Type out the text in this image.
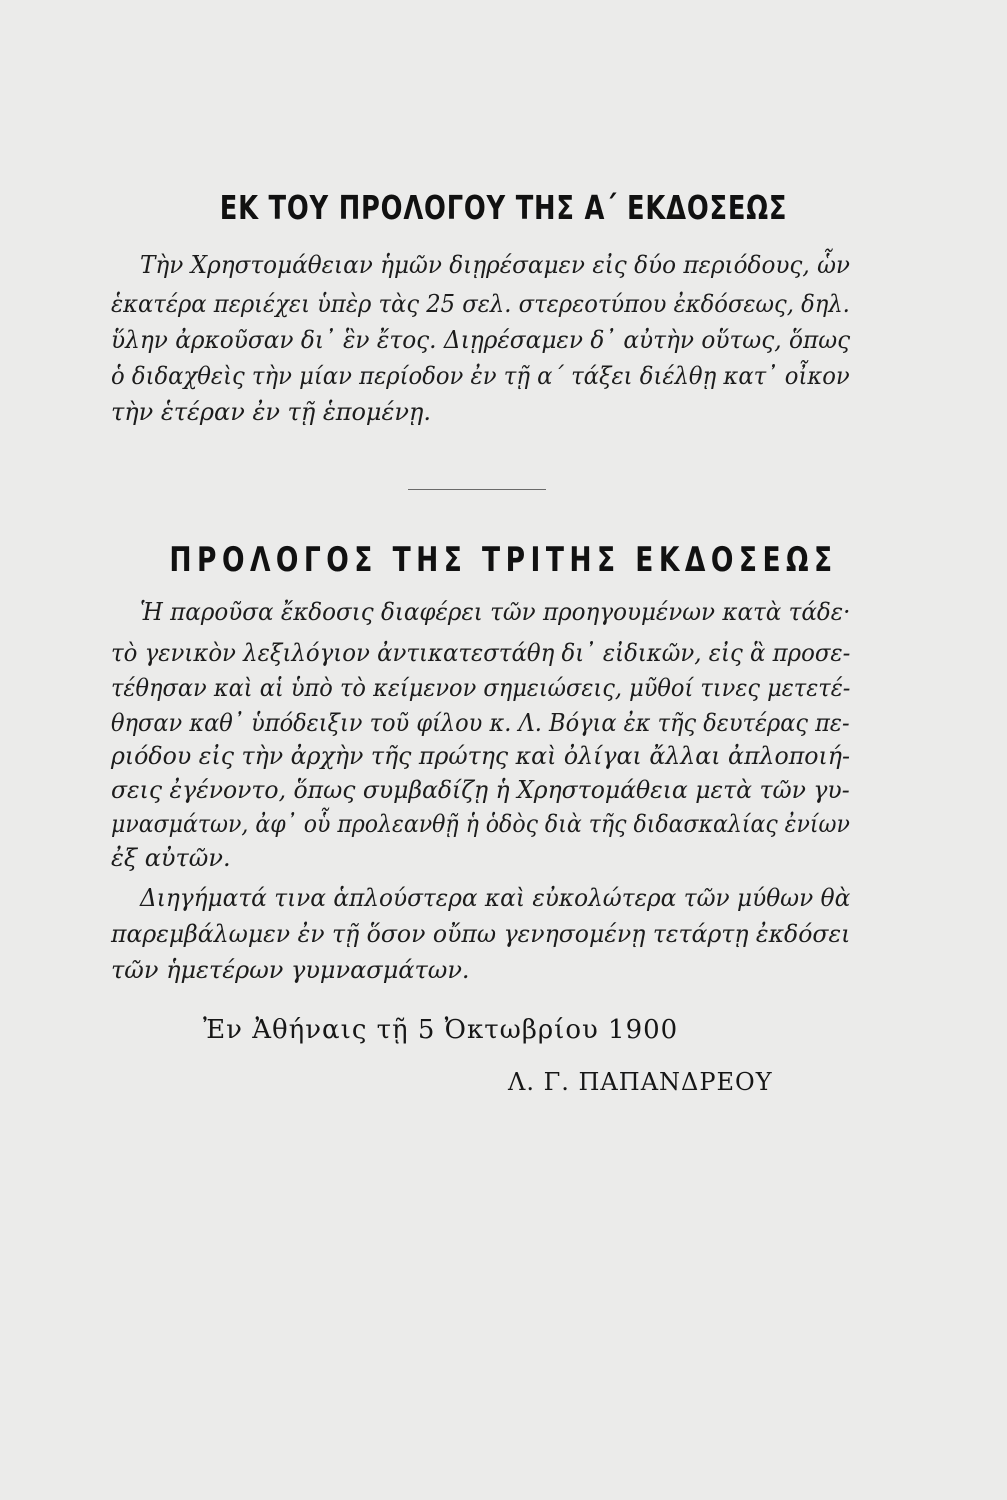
ΕΚ ΤΟΥ ΠΡΟΛΟΓΟΥ ΤΗΣ Α΄ ΕΚΔΟΣΕΩΣ
Τὴν Χρηστομάθειαν ἡμῶν διῃρέσαμεν εἰς δύο περιόδους, ὧν
ἑκατέρα περιέχει ὑπὲρ τὰς 25 σελ. στερεοτύπου ἐκδόσεως, δηλ.
ὕλην ἀρκοῦσαν δι᾽ ἓν ἔτος. Διῃρέσαμεν δ᾽ αὐτὴν οὕτως, ὅπως
ὁ διδαχθεὶς τὴν μίαν περίοδον ἐν τῇ α΄ τάξει διέλθῃ κατ᾽ οἶκον
τὴν ἑτέραν ἐν τῇ ἑπομένῃ.
ΠΡΟΛΟΓΟΣ ΤΗΣ ΤΡΙΤΗΣ ΕΚΔΟΣΕΩΣ
Ἡ παροῦσα ἔκδοσις διαφέρει τῶν προηγουμένων κατὰ τάδε·
τὸ γενικὸν λεξιλόγιον ἀντικατεστάθη δι᾽ εἰδικῶν, εἰς ἃ προσε-
τέθησαν καὶ αἱ ὑπὸ τὸ κείμενον σημειώσεις, μῦθοί τινες μετετέ-
θησαν καθ᾽ ὑπόδειξιν τοῦ φίλου κ. Λ. Βόγια ἐκ τῆς δευτέρας πε-
ριόδου εἰς τὴν ἀρχὴν τῆς πρώτης καὶ ὀλίγαι ἄλλαι ἀπλοποιή-
σεις ἐγένοντο, ὅπως συμβαδίζῃ ἡ Χρηστομάθεια μετὰ τῶν γυ-
μνασμάτων, ἀφ᾽ οὗ προλεανθῇ ἡ ὁδὸς διὰ τῆς διδασκαλίας ἐνίων
ἐξ αὐτῶν.
Διηγήματά τινα ἁπλούστερα καὶ εὐκολώτερα τῶν μύθων θὰ
παρεμβάλωμεν ἐν τῇ ὅσον οὔπω γενησομένῃ τετάρτῃ ἐκδόσει
τῶν ἡμετέρων γυμνασμάτων.
Ἐν Ἀθήναις τῇ 5 Ὀκτωβρίου 1900
Λ. Γ. ΠΑΠΑΝΔΡΕΟΥ
